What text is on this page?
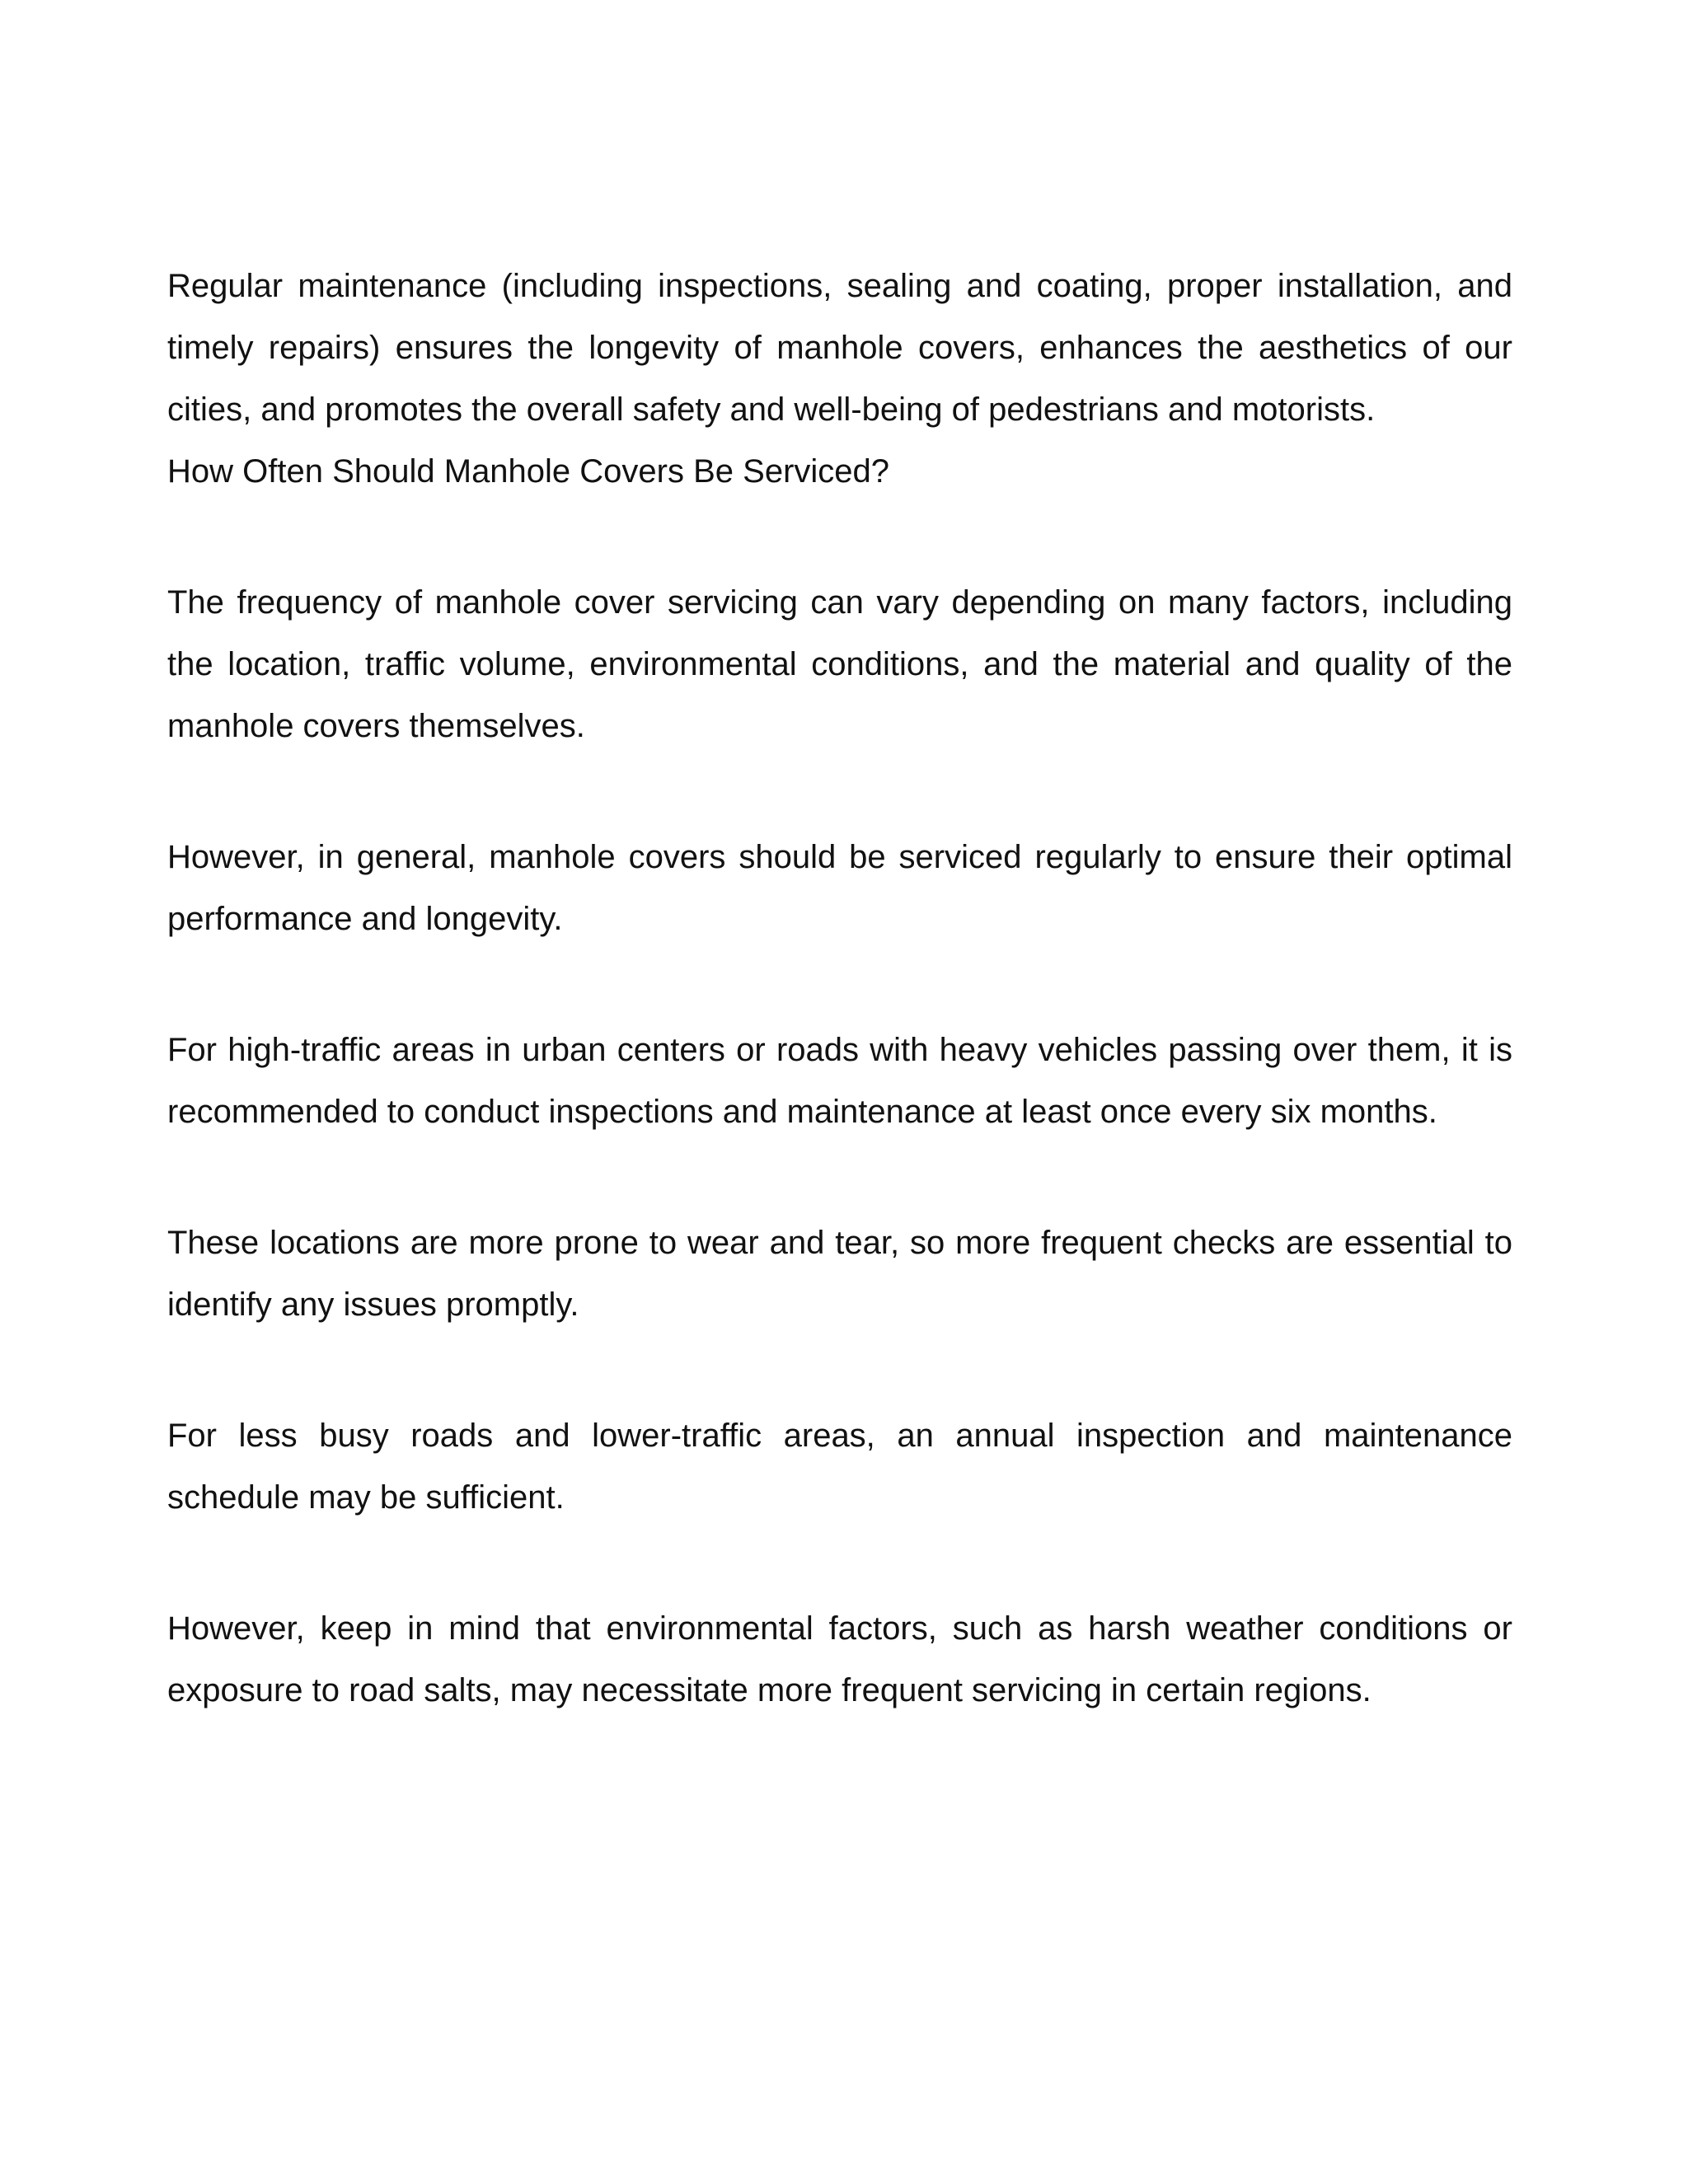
Regular maintenance (including inspections, sealing and coating, proper installation, and timely repairs) ensures the longevity of manhole covers, enhances the aesthetics of our cities, and promotes the overall safety and well-being of pedestrians and motorists.

How Often Should Manhole Covers Be Serviced?

The frequency of manhole cover servicing can vary depending on many factors, including the location, traffic volume, environmental conditions, and the material and quality of the manhole covers themselves.

However, in general, manhole covers should be serviced regularly to ensure their optimal performance and longevity.

For high-traffic areas in urban centers or roads with heavy vehicles passing over them, it is recommended to conduct inspections and maintenance at least once every six months.

These locations are more prone to wear and tear, so more frequent checks are essential to identify any issues promptly.

For less busy roads and lower-traffic areas, an annual inspection and maintenance schedule may be sufficient.

However, keep in mind that environmental factors, such as harsh weather conditions or exposure to road salts, may necessitate more frequent servicing in certain regions.
